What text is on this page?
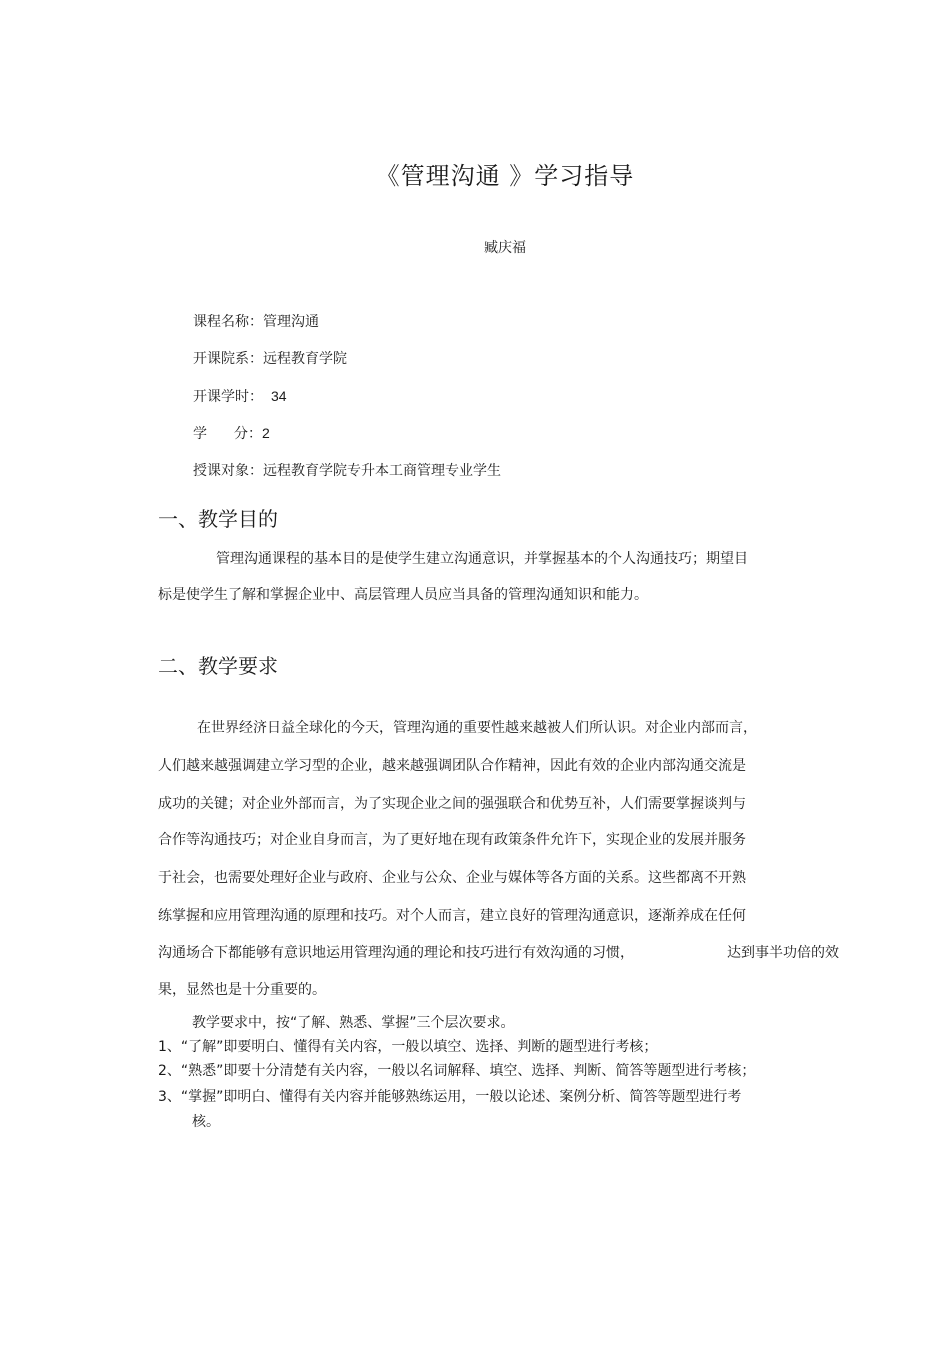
《管理沟通 》学习指导
臧庆福
课程名称：管理沟通
开课院系：远程教育学院
开课学时： 34
学 分：2
授课对象：远程教育学院专升本工商管理专业学生
一、教学目的
管理沟通课程的基本目的是使学生建立沟通意识，并掌握基本的个人沟通技巧；期望目
标是使学生了解和掌握企业中、高层管理人员应当具备的管理沟通知识和能力。
二、教学要求
在世界经济日益全球化的今天，管理沟通的重要性越来越被人们所认识。对企业内部而言，
人们越来越强调建立学习型的企业，越来越强调团队合作精神，因此有效的企业内部沟通交流是
成功的关键；对企业外部而言，为了实现企业之间的强强联合和优势互补，人们需要掌握谈判与
合作等沟通技巧；对企业自身而言，为了更好地在现有政策条件允许下，实现企业的发展并服务
于社会，也需要处理好企业与政府、企业与公众、企业与媒体等各方面的关系。这些都离不开熟
练掌握和应用管理沟通的原理和技巧。对个人而言，建立良好的管理沟通意识，逐渐养成在任何
沟通场合下都能够有意识地运用管理沟通的理论和技巧进行有效沟通的习惯，	达到事半功倍的效
果，显然也是十分重要的。
教学要求中，按“了解、熟悉、掌握”三个层次要求。
1、“了解”即要明白、懂得有关内容，一般以填空、选择、判断的题型进行考核；
2、“熟悉”即要十分清楚有关内容，一般以名词解释、填空、选择、判断、简答等题型进行考核；
3、“掌握”即明白、懂得有关内容并能够熟练运用，一般以论述、案例分析、简答等题型进行考
核。
